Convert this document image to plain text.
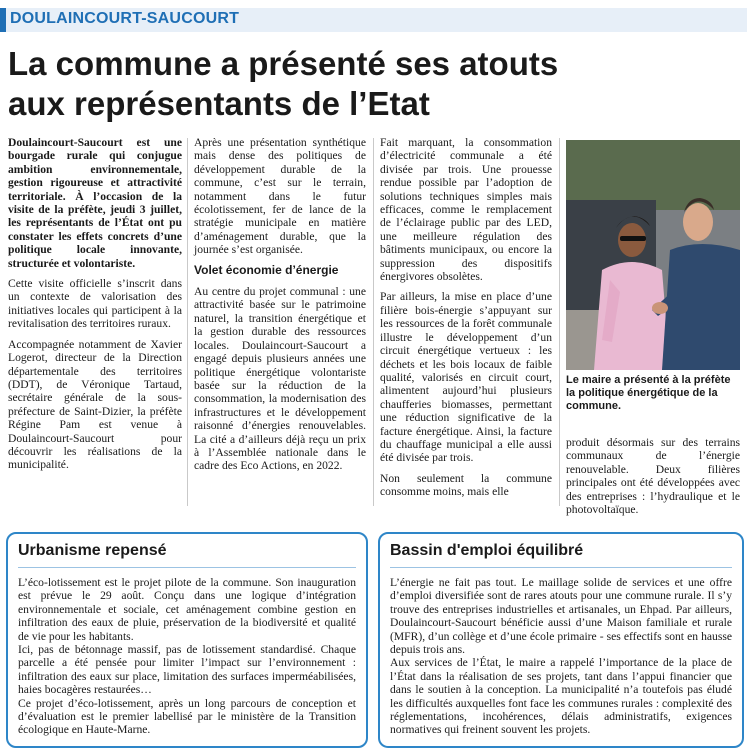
DOULAINCOURT-SAUCOURT
La commune a présenté ses atouts
aux représentants de l’Etat

Doulaincourt-Saucourt est une bourgade rurale qui conjugue ambition environnementale, gestion rigoureuse et attractivité territoriale. À l’occasion de la visite de la préfète, jeudi 3 juillet, les représentants de l’État ont pu constater les effets concrets d’une politique locale innovante, structurée et volontariste.

Cette visite officielle s’inscrit dans un contexte de valorisation des initiatives locales qui participent à la revitalisation des territoires ruraux.

Accompagnée notamment de Xavier Logerot, directeur de la Direction départementale des territoires (DDT), de Véronique Tartaud, secrétaire générale de la sous-préfecture de Saint-Dizier, la préfète Régine Pam est venue à Doulaincourt-Saucourt pour découvrir les réalisations de la municipalité.

Après une présentation synthétique mais dense des politiques de développement durable de la commune, c’est sur le terrain, notamment dans le futur écolotissement, fer de lance de la stratégie municipale en matière d’aménagement durable, que la journée s’est organisée.

Volet économie d’énergie

Au centre du projet communal : une attractivité basée sur le patrimoine naturel, la transition énergétique et la gestion durable des ressources locales. Doulaincourt-Saucourt a engagé depuis plusieurs années une politique énergétique volontariste basée sur la réduction de la consommation, la modernisation des infrastructures et le développement raisonné d’énergies renouvelables. La cité a d’ailleurs déjà reçu un prix à l’Assemblée nationale dans le cadre des Eco Actions, en 2022.

Fait marquant, la consommation d’électricité communale a été divisée par trois. Une prouesse rendue possible par l’adoption de solutions techniques simples mais efficaces, comme le remplacement de l’éclairage public par des LED, une meilleure régulation des bâtiments municipaux, ou encore la suppression des dispositifs énergivores obsolètes.

Par ailleurs, la mise en place d’une filière bois-énergie s’appuyant sur les ressources de la forêt communale illustre le développement d’un circuit énergétique vertueux : les déchets et les bois locaux de faible qualité, valorisés en circuit court, alimentent aujourd’hui plusieurs chaufferies biomasses, permettant une réduction significative de la facture énergétique. Ainsi, la facture du chauffage municipal a elle aussi été divisée par trois.

Non seulement la commune consomme moins, mais elle

Le maire a présenté à la préfète la politique énergétique de la commune.

produit désormais sur des terrains communaux de l’énergie renouvelable. Deux filières principales ont été développées avec des entreprises : l’hydraulique et le photovoltaïque.

Urbanisme repensé
L’éco-lotissement est le projet pilote de la commune. Son inauguration est prévue le 29 août. Conçu dans une logique d’intégration environnementale et sociale, cet aménagement combine gestion en infiltration des eaux de pluie, préservation de la biodiversité et qualité de vie pour les habitants.
Ici, pas de bétonnage massif, pas de lotissement standardisé. Chaque parcelle a été pensée pour limiter l’impact sur l’environnement : infiltration des eaux sur place, limitation des surfaces imperméabilisées, haies bocagères restaurées…
Ce projet d’éco-lotissement, après un long parcours de conception et d’évaluation est le premier labellisé par le ministère de la Transition écologique en Haute-Marne.
Bassin d'emploi équilibré
L’énergie ne fait pas tout. Le maillage solide de services et une offre d’emploi diversifiée sont de rares atouts pour une commune rurale. Il s’y trouve des entreprises industrielles et artisanales, un Ehpad. Par ailleurs, Doulaincourt-Saucourt bénéficie aussi d’une Maison familiale et rurale (MFR), d’un collège et d’une école primaire - ses effectifs sont en hausse depuis trois ans.
Aux services de l’État, le maire a rappelé l’importance de la place de l’État dans la réalisation de ses projets, tant dans l’appui financier que dans le soutien à la conception. La municipalité n’a toutefois pas éludé les difficultés auxquelles font face les communes rurales : complexité des réglementations, incohérences, délais administratifs, exigences normatives qui freinent souvent les projets.
